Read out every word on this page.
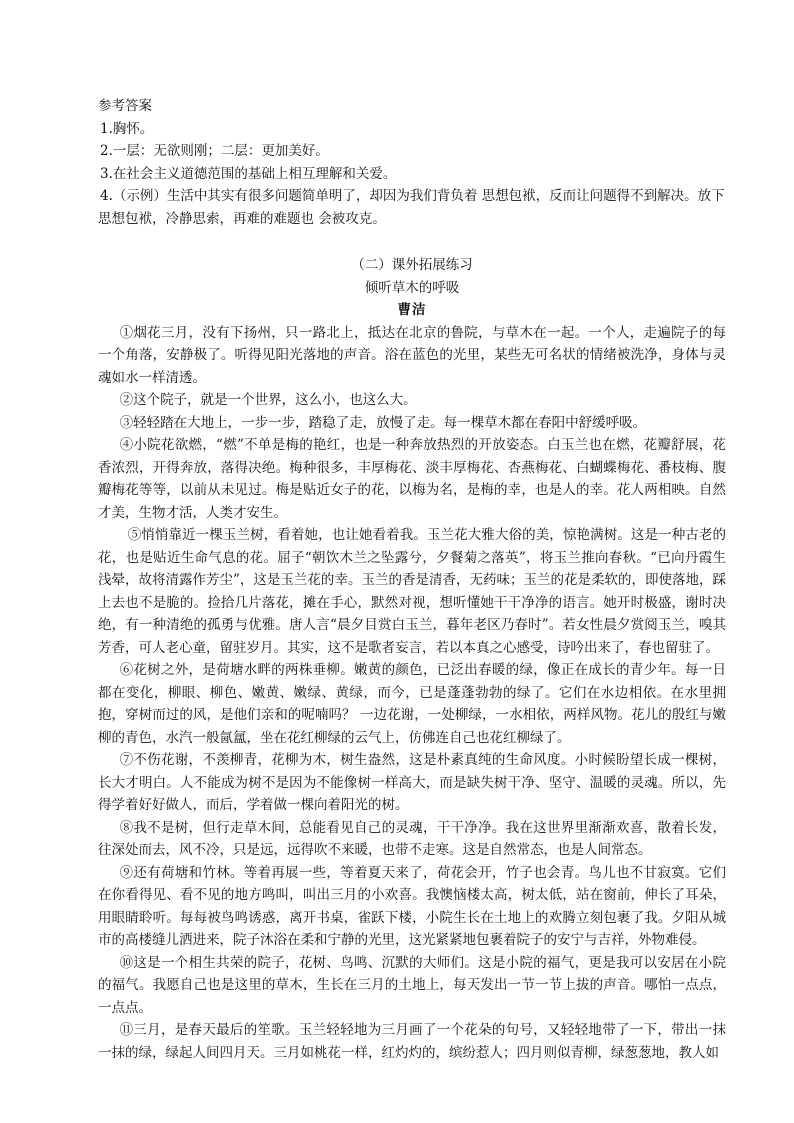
参考答案

1.胸怀。

2.一层：无欲则刚；二层：更加美好。

3.在社会主义道德范围的基础上相互理解和关爱。

4.（示例）生活中其实有很多问题简单明了，却因为我们背负着 思想包袱，反而让问题得不到解决。放下思想包袱，冷静思索，再难的难题也 会被攻克。

（二）课外拓展练习

倾听草木的呼吸

曹洁

①烟花三月，没有下扬州，只一路北上，抵达在北京的鲁院，与草木在一起。一个人，走遍院子的每一个角落，安静极了。听得见阳光落地的声音。浴在蓝色的光里，某些无可名状的情绪被洗净，身体与灵魂如水一样清透。

②这个院子，就是一个世界，这么小，也这么大。

③轻轻踏在大地上，一步一步，踏稳了走，放慢了走。每一棵草木都在春阳中舒缓呼吸。

④小院花欲燃，“燃”不单是梅的艳红，也是一种奔放热烈的开放姿态。白玉兰也在燃，花瓣舒展，花香浓烈，开得奔放，落得决绝。梅种很多，丰厚梅花、淡丰厚梅花、杏燕梅花、白蝴蝶梅花、番枝梅、腹瓣梅花等等，以前从未见过。梅是贴近女子的花，以梅为名，是梅的幸，也是人的幸。花人两相映。自然才美，生物才活，人类才安生。

⑤悄悄靠近一棵玉兰树，看着她，也让她看着我。玉兰花大雅大俗的美，惊艳满树。这是一种古老的花，也是贴近生命气息的花。屈子“朝饮木兰之坠露兮，夕餐菊之落英”，将玉兰推向春秋。“已向丹霞生浅晕，故将清露作芳尘”，这是玉兰花的幸。玉兰的香是清香，无药味；玉兰的花是柔软的，即使落地，踩上去也不是脆的。捡拾几片落花，摊在手心，默然对视，想听懂她干干净净的语言。她开时极盛，谢时决绝，有一种清绝的孤勇与优雅。唐人言“晨夕目赏白玉兰，暮年老区乃春时”。若女性晨夕赏阅玉兰，嗅其芳香，可人老心童，留驻岁月。其实，这不是歌者妄言，若以本真之心感受，诗吟出来了，春也留驻了。

⑥花树之外，是荷塘水畔的两株垂柳。嫩黄的颜色，已泛出春暖的绿，像正在成长的青少年。每一日都在变化，柳眼、柳色、嫩黄、嫩绿、黄绿，而今，已是蓬蓬勃勃的绿了。它们在水边相依。在水里拥抱，穿树而过的风，是他们亲和的呢喃吗？ 一边花谢，一处柳绿，一水相依，两样风物。花儿的殷红与嫩柳的青色，水汽一般氤氲，坐在花红柳绿的云气上，仿佛连自己也花红柳绿了。

⑦不伤花谢，不羡柳青，花柳为木，树生盎然，这是朴素真纯的生命风度。小时候盼望长成一棵树，长大才明白。人不能成为树不是因为不能像树一样高大，而是缺失树干净、坚守、温暖的灵魂。所以，先得学着好好做人，而后，学着做一棵向着阳光的树。

⑧我不是树，但行走草木间，总能看见自己的灵魂，干干净净。我在这世界里渐渐欢喜，散着长发，往深处而去，风不冷，只是远，远得吹不来暖，也带不走寒。这是自然常态，也是人间常态。

⑨还有荷塘和竹林。等着再展一些，等着夏天来了，荷花会开，竹子也会青。鸟儿也不甘寂寞。它们在你看得见、看不见的地方鸣叫，叫出三月的小欢喜。我懊恼楼太高，树太低，站在窗前，伸长了耳朵，用眼睛聆听。每每被鸟鸣诱惑，离开书桌，雀跃下楼，小院生长在土地上的欢腾立刻包裹了我。夕阳从城市的高楼缝儿洒进来，院子沐浴在柔和宁静的光里，这光紧紧地包裹着院子的安宁与吉祥，外物难侵。

⑩这是一个相生共荣的院子，花树、鸟鸣、沉默的大师们。这是小院的福气，更是我可以安居在小院的福气。我愿自己也是这里的草木，生长在三月的土地上，每天发出一节一节上拔的声音。哪怕一点点，一点点。

⑪三月，是春天最后的笙歌。玉兰轻轻地为三月画了一个花朵的句号，又轻轻地带了一下，带出一抹一抹的绿，绿起人间四月天。三月如桃花一样，红灼灼的，缤纷惹人；四月则似青柳，绿葱葱地，教人如
